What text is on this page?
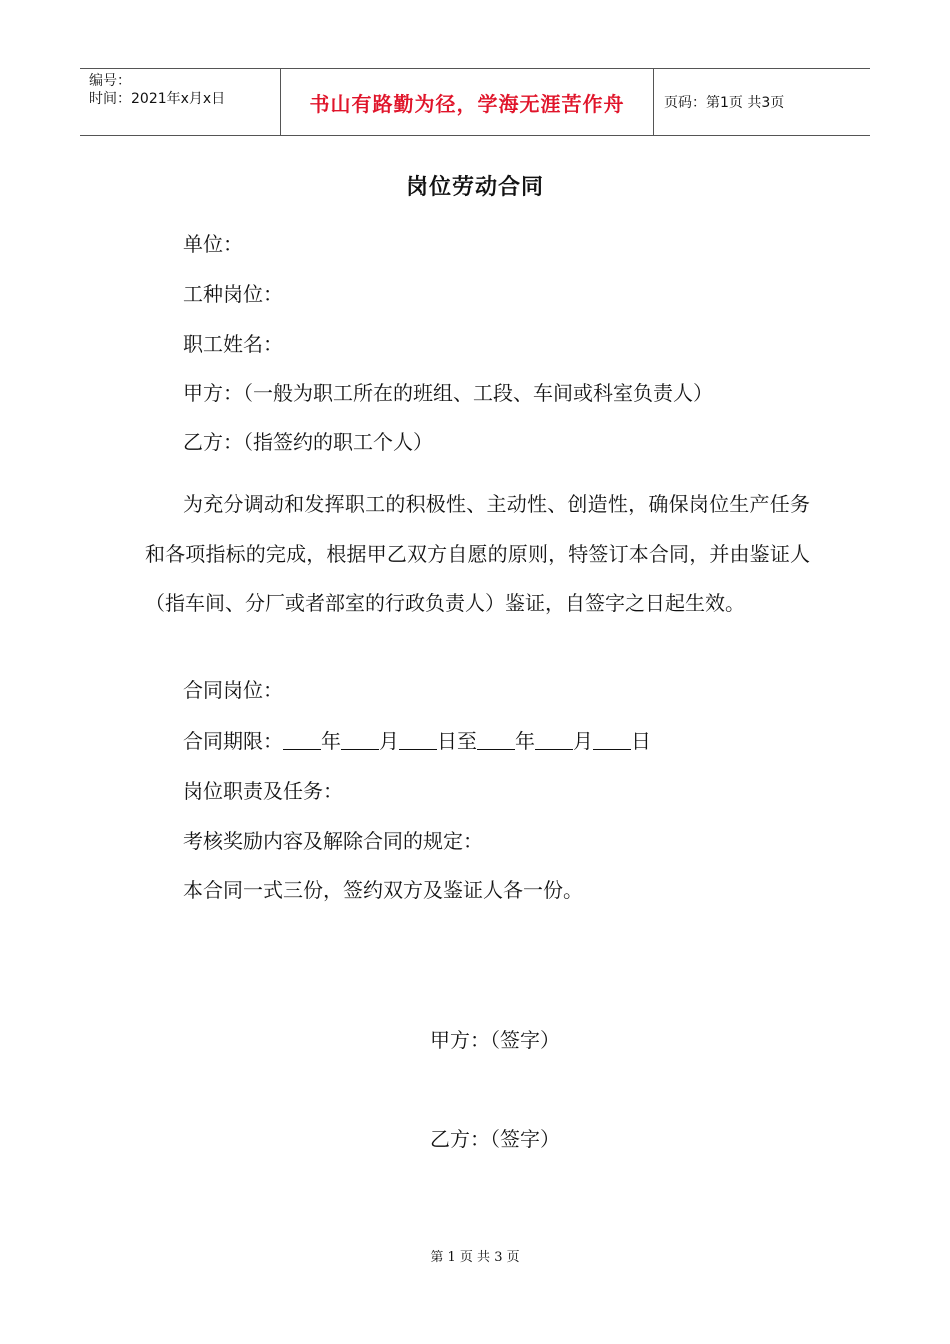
编号：
时间：2021年x月x日	书山有路勤为径，学海无涯苦作舟	页码：第1页 共3页
岗位劳动合同
单位：
工种岗位：
职工姓名：
甲方：（一般为职工所在的班组、工段、车间或科室负责人）
乙方：（指签约的职工个人）
为充分调动和发挥职工的积极性、主动性、创造性，确保岗位生产任务和各项指标的完成，根据甲乙双方自愿的原则，特签订本合同，并由鉴证人（指车间、分厂或者部室的行政负责人）鉴证，自签字之日起生效。
合同岗位：
合同期限： 年 月 日至 年 月 日
岗位职责及任务：
考核奖励内容及解除合同的规定：
本合同一式三份，签约双方及鉴证人各一份。
甲方：（签字）
乙方：（签字）
第 1 页 共 3 页
